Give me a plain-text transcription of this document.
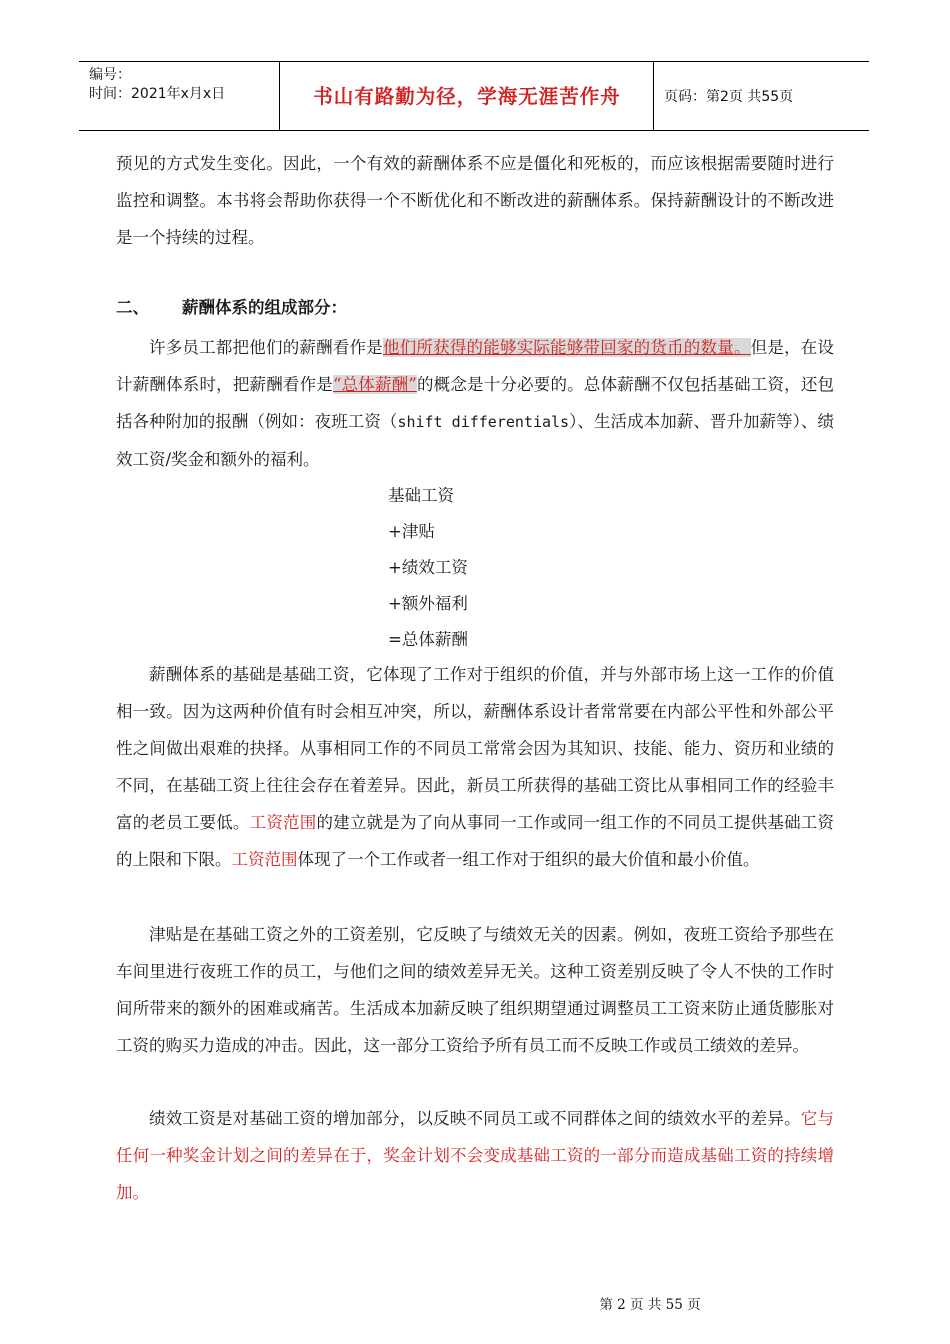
编号：
时间：2021年x月x日	书山有路勤为径，学海无涯苦作舟	页码：第2页 共55页

预见的方式发生变化。因此，一个有效的薪酬体系不应是僵化和死板的，而应该根据需要随时进行监控和调整。本书将会帮助你获得一个不断优化和不断改进的薪酬体系。保持薪酬设计的不断改进是一个持续的过程。

二、 薪酬体系的组成部分：

许多员工都把他们的薪酬看作是他们所获得的能够实际能够带回家的货币的数量。但是，在设计薪酬体系时，把薪酬看作是“总体薪酬”的概念是十分必要的。总体薪酬不仅包括基础工资，还包括各种附加的报酬（例如：夜班工资（shift differentials）、生活成本加薪、晋升加薪等）、绩效工资/奖金和额外的福利。

基础工资
+津贴
+绩效工资
+额外福利
=总体薪酬

薪酬体系的基础是基础工资，它体现了工作对于组织的价值，并与外部市场上这一工作的价值相一致。因为这两种价值有时会相互冲突，所以，薪酬体系设计者常常要在内部公平性和外部公平性之间做出艰难的抉择。从事相同工作的不同员工常常会因为其知识、技能、能力、资历和业绩的不同，在基础工资上往往会存在着差异。因此，新员工所获得的基础工资比从事相同工作的经验丰富的老员工要低。工资范围的建立就是为了向从事同一工作或同一组工作的不同员工提供基础工资的上限和下限。工资范围体现了一个工作或者一组工作对于组织的最大价值和最小价值。

津贴是在基础工资之外的工资差别，它反映了与绩效无关的因素。例如，夜班工资给予那些在车间里进行夜班工作的员工，与他们之间的绩效差异无关。这种工资差别反映了令人不快的工作时间所带来的额外的困难或痛苦。生活成本加薪反映了组织期望通过调整员工工资来防止通货膨胀对工资的购买力造成的冲击。因此，这一部分工资给予所有员工而不反映工作或员工绩效的差异。

绩效工资是对基础工资的增加部分，以反映不同员工或不同群体之间的绩效水平的差异。它与任何一种奖金计划之间的差异在于，奖金计划不会变成基础工资的一部分而造成基础工资的持续增加。

第 2 页 共 55 页
